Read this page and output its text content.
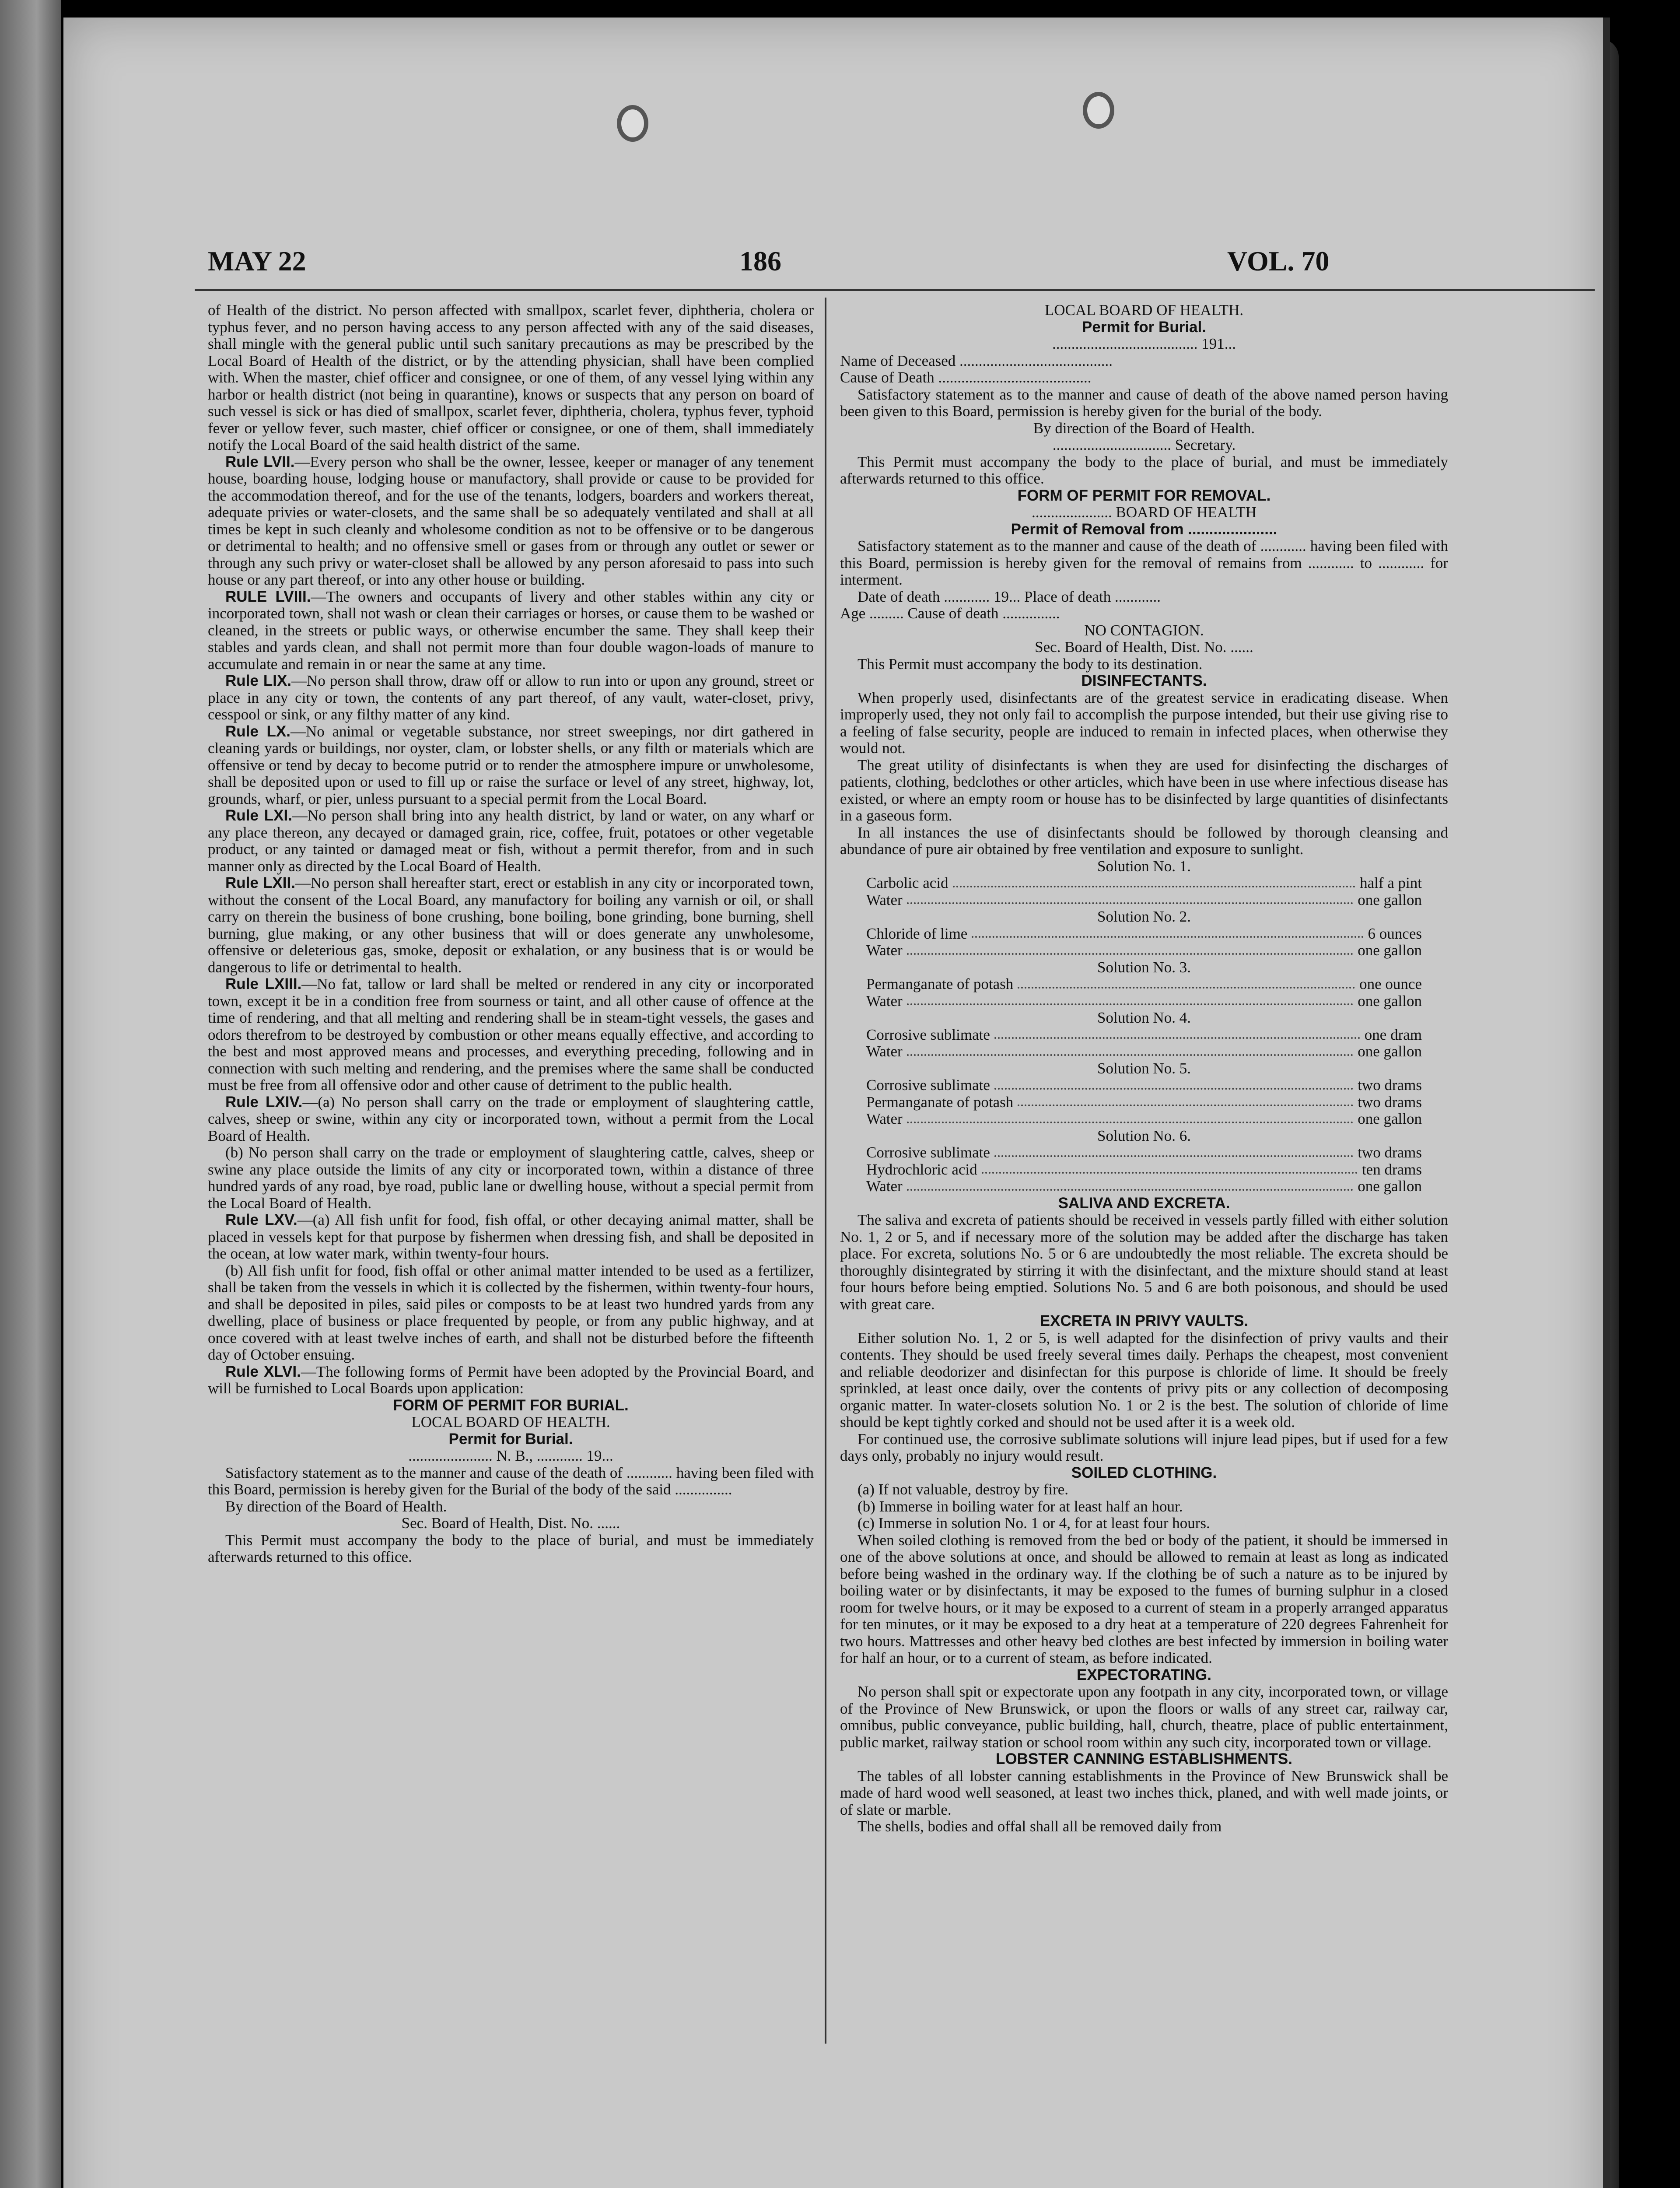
MAY 22	186	VOL. 70

of Health of the district. No person affected with smallpox, scarlet fever, diphtheria, cholera or typhus fever, and no person having access to any person affected with any of the said diseases, shall mingle with the general public until such sanitary precautions as may be prescribed by the Local Board of Health of the district, or by the attending physician, shall have been complied with. When the master, chief officer and consignee, or one of them, of any vessel lying within any harbor or health district (not being in quarantine), knows or suspects that any person on board of such vessel is sick or has died of smallpox, scarlet fever, diphtheria, cholera, typhus fever, typhoid fever or yellow fever, such master, chief officer or consignee, or one of them, shall immediately notify the Local Board of the said health district of the same.

Rule LVII.—Every person who shall be the owner, lessee, keeper or manager of any tenement house, boarding house, lodging house or manufactory, shall provide or cause to be provided for the accommodation thereof, and for the use of the tenants, lodgers, boarders and workers thereat, adequate privies or water-closets, and the same shall be so adequately ventilated and shall at all times be kept in such cleanly and wholesome condition as not to be offensive or to be dangerous or detrimental to health; and no offensive smell or gases from or through any outlet or sewer or through any such privy or water-closet shall be allowed by any person aforesaid to pass into such house or any part thereof, or into any other house or building.

RULE LVIII.—The owners and occupants of livery and other stables within any city or incorporated town, shall not wash or clean their carriages or horses, or cause them to be washed or cleaned, in the streets or public ways, or otherwise encumber the same. They shall keep their stables and yards clean, and shall not permit more than four double wagon-loads of manure to accumulate and remain in or near the same at any time.

Rule LIX.—No person shall throw, draw off or allow to run into or upon any ground, street or place in any city or town, the contents of any part thereof, of any vault, water-closet, privy, cesspool or sink, or any filthy matter of any kind.

Rule LX.—No animal or vegetable substance, nor street sweepings, nor dirt gathered in cleaning yards or buildings, nor oyster, clam, or lobster shells, or any filth or materials which are offensive or tend by decay to become putrid or to render the atmosphere impure or unwholesome, shall be deposited upon or used to fill up or raise the surface or level of any street, highway, lot, grounds, wharf, or pier, unless pursuant to a special permit from the Local Board.

Rule LXI.—No person shall bring into any health district, by land or water, on any wharf or any place thereon, any decayed or damaged grain, rice, coffee, fruit, potatoes or other vegetable product, or any tainted or damaged meat or fish, without a permit therefor, from and in such manner only as directed by the Local Board of Health.

Rule LXII.—No person shall hereafter start, erect or establish in any city or incorporated town, without the consent of the Local Board, any manufactory for boiling any varnish or oil, or shall carry on therein the business of bone crushing, bone boiling, bone grinding, bone burning, shell burning, glue making, or any other business that will or does generate any unwholesome, offensive or deleterious gas, smoke, deposit or exhalation, or any business that is or would be dangerous to life or detrimental to health.

Rule LXIII.—No fat, tallow or lard shall be melted or rendered in any city or incorporated town, except it be in a condition free from sourness or taint, and all other cause of offence at the time of rendering, and that all melting and rendering shall be in steam-tight vessels, the gases and odors therefrom to be destroyed by combustion or other means equally effective, and according to the best and most approved means and processes, and everything preceding, following and in connection with such melting and rendering, and the premises where the same shall be conducted must be free from all offensive odor and other cause of detriment to the public health.

Rule LXIV.—(a) No person shall carry on the trade or employment of slaughtering cattle, calves, sheep or swine, within any city or incorporated town, without a permit from the Local Board of Health.

(b) No person shall carry on the trade or employment of slaughtering cattle, calves, sheep or swine any place outside the limits of any city or incorporated town, within a distance of three hundred yards of any road, bye road, public lane or dwelling house, without a special permit from the Local Board of Health.

Rule LXV.—(a) All fish unfit for food, fish offal, or other decaying animal matter, shall be placed in vessels kept for that purpose by fishermen when dressing fish, and shall be deposited in the ocean, at low water mark, within twenty-four hours.

(b) All fish unfit for food, fish offal or other animal matter intended to be used as a fertilizer, shall be taken from the vessels in which it is collected by the fishermen, within twenty-four hours, and shall be deposited in piles, said piles or composts to be at least two hundred yards from any dwelling, place of business or place frequented by people, or from any public highway, and at once covered with at least twelve inches of earth, and shall not be disturbed before the fifteenth day of October ensuing.

Rule XLVI.—The following forms of Permit have been adopted by the Provincial Board, and will be furnished to Local Boards upon application:

FORM OF PERMIT FOR BURIAL.

LOCAL BOARD OF HEALTH.

Permit for Burial.

...................... N. B., ............ 19...

Satisfactory statement as to the manner and cause of the death of ............ having been filed with this Board, permission is hereby given for the Burial of the body of the said ...............

By direction of the Board of Health.

Sec. Board of Health, Dist. No. ......

This Permit must accompany the body to the place of burial, and must be immediately afterwards returned to this office.

LOCAL BOARD OF HEALTH.

Permit for Burial.

...................................... 191...

Name of Deceased ........................................

Cause of Death ........................................

Satisfactory statement as to the manner and cause of death of the above named person having been given to this Board, permission is hereby given for the burial of the body.

By direction of the Board of Health.

............................... Secretary.

This Permit must accompany the body to the place of burial, and must be immediately afterwards returned to this office.

FORM OF PERMIT FOR REMOVAL.

..................... BOARD OF HEALTH

Permit of Removal from .....................

Satisfactory statement as to the manner and cause of the death of ............ having been filed with this Board, permission is hereby given for the removal of remains from ............ to ............ for interment.

Date of death ............ 19... Place of death ............

Age ......... Cause of death ...............

NO CONTAGION.

Sec. Board of Health, Dist. No. ......

This Permit must accompany the body to its destination.

DISINFECTANTS.

When properly used, disinfectants are of the greatest service in eradicating disease. When improperly used, they not only fail to accomplish the purpose intended, but their use giving rise to a feeling of false security, people are induced to remain in infected places, when otherwise they would not.

The great utility of disinfectants is when they are used for disinfecting the discharges of patients, clothing, bedclothes or other articles, which have been in use where infectious disease has existed, or where an empty room or house has to be disinfected by large quantities of disinfectants in a gaseous form.

In all instances the use of disinfectants should be followed by thorough cleansing and abundance of pure air obtained by free ventilation and exposure to sunlight.

Solution No. 1.

Carbolic acid	half a pint
Water	one gallon

Solution No. 2.

Chloride of lime	6 ounces
Water	one gallon

Solution No. 3.

Permanganate of potash	one ounce
Water	one gallon

Solution No. 4.

Corrosive sublimate	one dram
Water	one gallon

Solution No. 5.

Corrosive sublimate	two drams
Permanganate of potash	two drams
Water	one gallon

Solution No. 6.

Corrosive sublimate	two drams
Hydrochloric acid	ten drams
Water	one gallon

SALIVA AND EXCRETA.

The saliva and excreta of patients should be received in vessels partly filled with either solution No. 1, 2 or 5, and if necessary more of the solution may be added after the discharge has taken place. For excreta, solutions No. 5 or 6 are undoubtedly the most reliable. The excreta should be thoroughly disintegrated by stirring it with the disinfectant, and the mixture should stand at least four hours before being emptied. Solutions No. 5 and 6 are both poisonous, and should be used with great care.

EXCRETA IN PRIVY VAULTS.

Either solution No. 1, 2 or 5, is well adapted for the disinfection of privy vaults and their contents. They should be used freely several times daily. Perhaps the cheapest, most convenient and reliable deodorizer and disinfectan for this purpose is chloride of lime. It should be freely sprinkled, at least once daily, over the contents of privy pits or any collection of decomposing organic matter. In water-closets solution No. 1 or 2 is the best. The solution of chloride of lime should be kept tightly corked and should not be used after it is a week old.

For continued use, the corrosive sublimate solutions will injure lead pipes, but if used for a few days only, probably no injury would result.

SOILED CLOTHING.

(a) If not valuable, destroy by fire.

(b) Immerse in boiling water for at least half an hour.

(c) Immerse in solution No. 1 or 4, for at least four hours.

When soiled clothing is removed from the bed or body of the patient, it should be immersed in one of the above solutions at once, and should be allowed to remain at least as long as indicated before being washed in the ordinary way. If the clothing be of such a nature as to be injured by boiling water or by disinfectants, it may be exposed to the fumes of burning sulphur in a closed room for twelve hours, or it may be exposed to a current of steam in a properly arranged apparatus for ten minutes, or it may be exposed to a dry heat at a temperature of 220 degrees Fahrenheit for two hours. Mattresses and other heavy bed clothes are best infected by immersion in boiling water for half an hour, or to a current of steam, as before indicated.

EXPECTORATING.

No person shall spit or expectorate upon any footpath in any city, incorporated town, or village of the Province of New Brunswick, or upon the floors or walls of any street car, railway car, omnibus, public conveyance, public building, hall, church, theatre, place of public entertainment, public market, railway station or school room within any such city, incorporated town or village.

LOBSTER CANNING ESTABLISHMENTS.

The tables of all lobster canning establishments in the Province of New Brunswick shall be made of hard wood well seasoned, at least two inches thick, planed, and with well made joints, or of slate or marble.

The shells, bodies and offal shall all be removed daily from
